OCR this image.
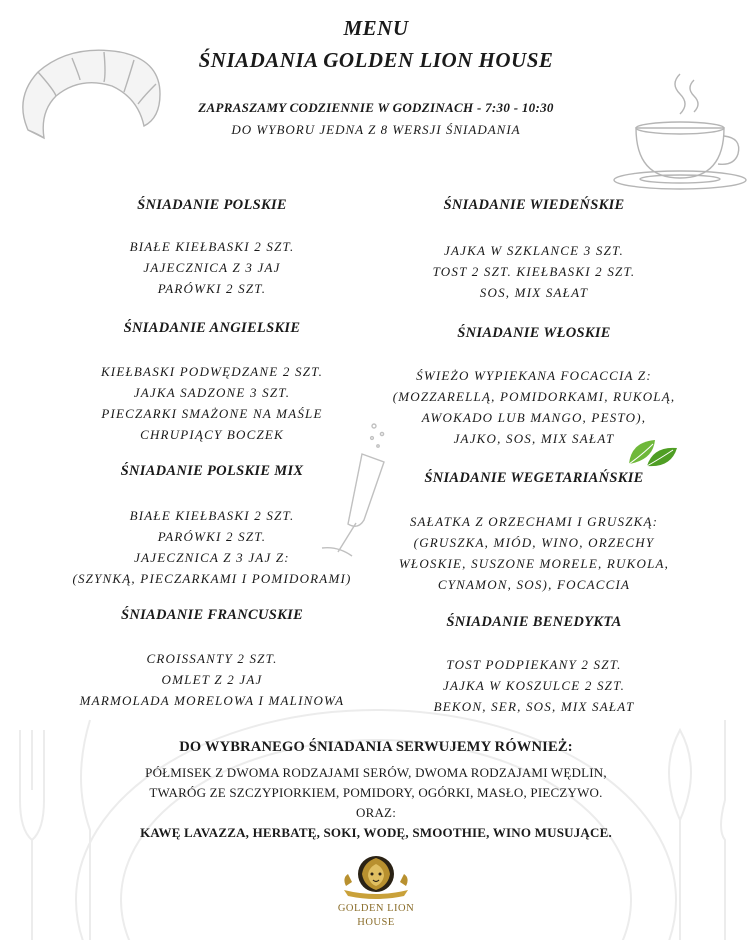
MENU
ŚNIADANIA GOLDEN LION HOUSE
ZAPRASZAMY CODZIENNIE W GODZINACH - 7:30 - 10:30
DO WYBORU JEDNA Z 8 WERSJI ŚNIADANIA
ŚNIADANIE POLSKIE
BIAŁE KIEŁBASKI 2 SZT.
JAJECZNICA Z 3 JAJ
PARÓWKI 2 SZT.
ŚNIADANIE ANGIELSKIE
KIEŁBASKI PODWĘDZANE 2 SZT.
JAJKA SADZONE 3 SZT.
PIECZARKI SMAŻONE NA MAŚLE
CHRUPIĄCY BOCZEK
ŚNIADANIE POLSKIE MIX
BIAŁE KIEŁBASKI 2 SZT.
PARÓWKI 2 SZT.
JAJECZNICA Z 3 JAJ Z:
(SZYNKĄ, PIECZARKAMI I POMIDORAMI)
ŚNIADANIE FRANCUSKIE
CROISSANTY 2 SZT.
OMLET Z 2 JAJ
MARMOLADA MORELOWA I MALINOWA
ŚNIADANIE WIEDEŃSKIE
JAJKA W SZKLANCE 3 SZT.
TOST 2 SZT. KIEŁBASKI 2 SZT.
SOS, MIX SAŁAT
ŚNIADANIE WŁOSKIE
ŚWIEŻO WYPIEKANA FOCACCIA Z:
(MOZZARELLĄ, POMIDORKAMI, RUKOLĄ,
AWOKADO LUB MANGO, PESTO),
JAJKO, SOS, MIX SAŁAT
ŚNIADANIE WEGETARIAŃSKIE
SAŁATKA Z ORZECHAMI I GRUSZKĄ:
(GRUSZKA, MIÓD, WINO, ORZECHY
WŁOSKIE, SUSZONE MORELE, RUKOLA,
CYNAMON, SOS), FOCACCIA
ŚNIADANIE BENEDYKTA
TOST PODPIEKANY 2 SZT.
JAJKA W KOSZULCE 2 SZT.
BEKON, SER, SOS, MIX SAŁAT
DO WYBRANEGO ŚNIADANIA SERWUJEMY RÓWNIEŻ:
PÓŁMISEK Z DWOMA RODZAJAMI SERÓW, DWOMA RODZAJAMI WĘDLIN,
TWARÓG ZE SZCZYPIORKIEM, POMIDORY, OGÓRKI, MASŁO, PIECZYWO.
ORAZ:
KAWĘ LAVAZZA, HERBATĘ, SOKI, WODĘ, SMOOTHIE, WINO MUSUJĄCE.
GOLDEN LION
HOUSE
